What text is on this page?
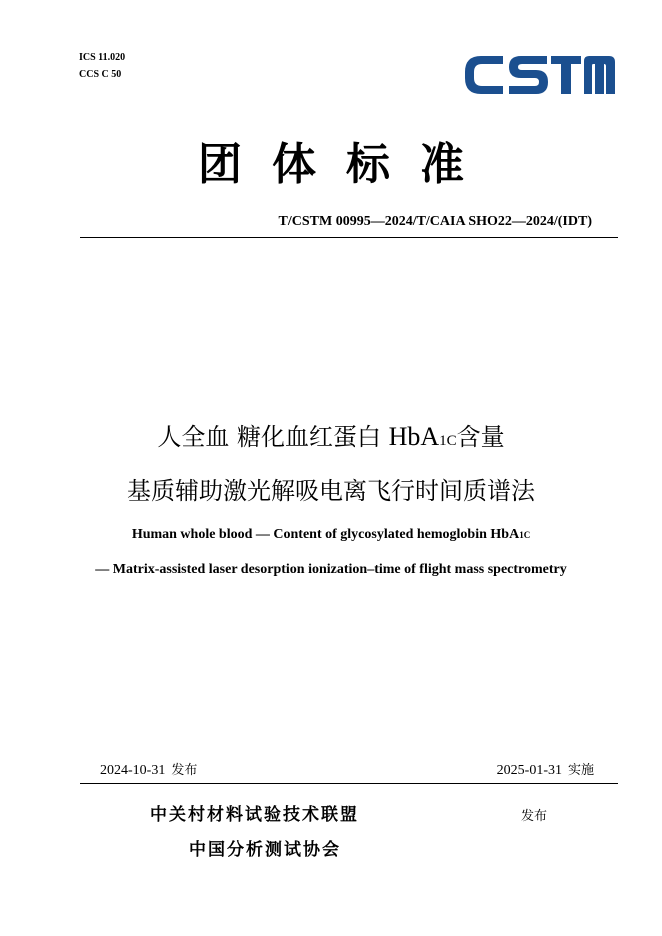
ICS 11.020
CCS C 50
CSTM
团体标准
T/CSTM 00995—2024/T/CAIA SHO22—2024/(IDT)
人全血 糖化血红蛋白 HbA1C含量
基质辅助激光解吸电离飞行时间质谱法
Human whole blood — Content of glycosylated hemoglobin HbA1C
— Matrix-assisted laser desorption ionization–time of flight mass spectrometry
2024-10-31 发布	2025-01-31 实施
中关村材料试验技术联盟
中国分析测试协会
发布
